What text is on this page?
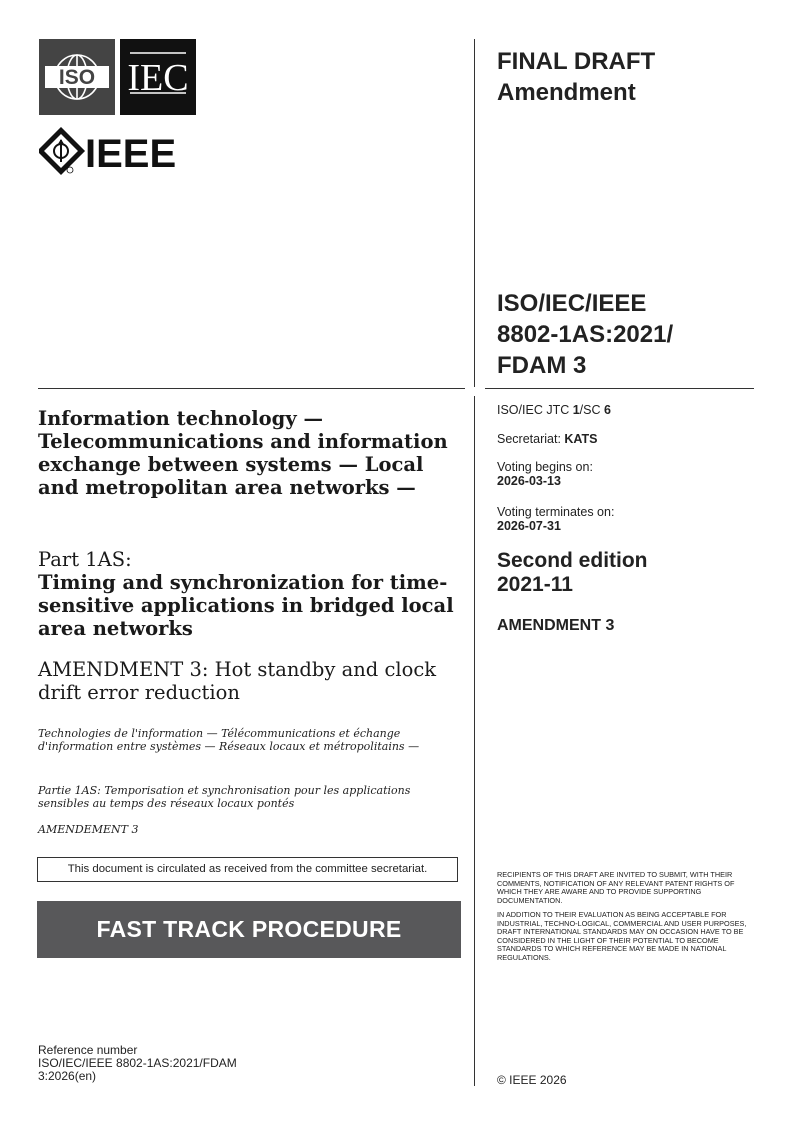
ISO IEC
IEEE
FINAL DRAFT
Amendment
ISO/IEC/IEEE
8802-1AS:2021/
FDAM 3
ISO/IEC JTC 1/SC 6
Secretariat: KATS
Voting begins on:
2026-03-13
Voting terminates on:
2026-07-31
Second edition
2021-11
AMENDMENT 3
RECIPIENTS OF THIS DRAFT ARE INVITED TO SUBMIT, WITH THEIR COMMENTS, NOTIFICATION OF ANY RELEVANT PATENT RIGHTS OF WHICH THEY ARE AWARE AND TO PROVIDE SUPPORTING DOCUMENTATION.
IN ADDITION TO THEIR EVALUATION AS BEING ACCEPTABLE FOR INDUSTRIAL, TECHNO-LOGICAL, COMMERCIAL AND USER PURPOSES, DRAFT INTERNATIONAL STANDARDS MAY ON OCCASION HAVE TO BE CONSIDERED IN THE LIGHT OF THEIR POTENTIAL TO BECOME STANDARDS TO WHICH REFERENCE MAY BE MADE IN NATIONAL REGULATIONS.
© IEEE 2026
Information technology — Telecommunications and information exchange between systems — Local and metropolitan area networks —
Part 1AS:
Timing and synchronization for time-sensitive applications in bridged local area networks
AMENDMENT 3: Hot standby and clock drift error reduction
Technologies de l'information — Télécommunications et échange d'information entre systèmes — Réseaux locaux et métropolitains —
Partie 1AS: Temporisation et synchronisation pour les applications sensibles au temps des réseaux locaux pontés
AMENDEMENT 3
This document is circulated as received from the committee secretariat.
FAST TRACK PROCEDURE
Reference number
ISO/IEC/IEEE 8802-1AS:2021/FDAM
3:2026(en)
